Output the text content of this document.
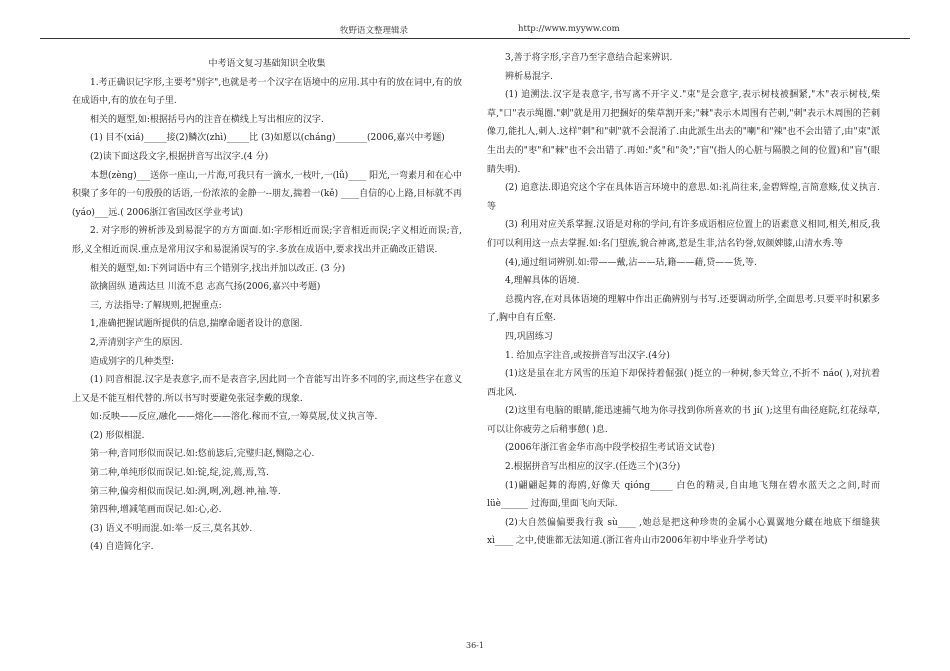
牧野语文整理辑录	http://www.myyww.com

中考语文复习基础知识全收集

1.考正确识记字形,主要考"别字",也就是考一个汉字在语境中的应用.其中有的放在词中,有的放在成语中,有的放在句子里.

相关的题型,如:根据括号内的注音在横线上写出相应的汉字.

(1) 目不(xiá)_____接(2)鳞次(zhì)_____比 (3)如愿以(cháng)_______(2006,嘉兴中考题)

(2)读下面这段文字,根据拼音写出汉字.(4 分)

本想(zèng)___送你一座山,一片海,可我只有一滴水,一枝叶,一(lǚ)____ 阳光,一弯素月和在心中积聚了多年的一句殷殷的话语,一份浓浓的金静一--朋友,揣着一(kě) ____自信的心上路,目标就不再(yáo)___远.( 2006浙江省国改区学业考试)

2. 对字形的辨析涉及到易混字的方方面面.如:字形相近而误;字音相近而误;字义相近而误;音,形,义全相近而误.重点是常用汉字和易混淆误写的字.多放在成语中,要求找出并正确改正错误.

相关的题型,如:下列词语中有三个错别字,找出并加以改正. (3 分)

欲擒固纵 遒茜达旦 川流不息 志高气扬(2006,嘉兴中考题)

三, 方法指导:了解规则,把握重点:

1,准确把握试题所提供的信息,揣摩命题者设计的意图.

2,弄清别字产生的原因.

造成别字的几种类型:

(1) 同音相混.汉字是表意字,而不是表音字,因此同一个音能写出许多不同的字,而这些字在意义上又是不能互相代替的.所以书写时要避免张冠李戴的现象.

如:反映——反应,融化——熔化——溶化.稼而不宣,一筹莫展,仗义执言等.

(2) 形似相混.

第一种,音同形似而误记.如:悠前毖后,完璧归赵,恻隐之心.

第二种,单纯形似而误记.如:锭,绽,淀,蔫,焉,笃.

第三种,偏旁相似而误记.如:洌,咧,冽,趔.神,袖.等.

第四种,增减笔画而误记.如:心,必.

(3) 语义不明而混.如:举一反三,莫名其妙.

(4) 自造简化字.

3,善于将字形,字音乃至字意结合起来辨识.

辨析易混字.

(1) 追溯法.汉字是表意字,书写离不开字义."束"是会意字,表示树枝被捆紧,"木"表示树枝,柴草,"口"表示绳圈."剌"就是用刀把捆好的柴草割开来;"棘"表示木周围有芒刺,"刺"表示木周围的芒刺像刀,能扎人,刺人.这样"剌"和"刺"就不会混淆了.由此派生出去的"喇"和"辣"也不会出错了,由"束"派生出去的"枣"和"棘"也不会出错了.再如:"炙"和"灸";"盲"(指人的心脏与隔膜之间的位置)和"盲"(眼睛失明).

(2) 追意法.即追究这个字在具体语言环境中的意思.如:礼尚往来,金碧辉煌,言简意赅,仗义执言.等

(3) 利用对应关系掌握.汉语是对称的学问,有许多成语相应位置上的语素意义相同,相关,相反,我们可以利用这一点去掌握.如:名门望族,貌合神离,惹是生非,沽名钓誉,奴颜婢膝,山清水秀.等

(4),通过组词辨别.如:带——戴,沾——玷,籍——藉,贷——货,等.

4,理解具体的语境.

总揽内容,在对具体语境的理解中作出正确辨别与书写.还要调动所学,全面思考.只要平时积累多了,胸中自有丘壑.

四,巩固练习

1. 给加点字注音,或按拼音写出汉字.(4分)

(1)这是虽在北方风雪的压迫下却保持着倔强( )挺立的一种树,参天耸立,不折不 náo( ),对抗着西北风.

(2)这里有电脑的眼睛,能迅速捕气地为你寻找到你所喜欢的书 jí( );这里有曲径庭院,红花绿草,可以让你疲劳之后稍事憩( )息.

(2006年浙江省金华市高中段学校招生考试语文试卷)

2.根据拼音写出相应的汉字.(任选三个)(3分)

(1)翩翩起舞的海鸥,好像天 qióng_____ 白色的精灵,自由地飞翔在碧水蓝天之之间,时而 lüè______ 过海面,里面飞向天际.

(2)大自然偏偏要我行我 sù____ ,她总是把这种珍贵的金属小心翼翼地分藏在地底下细缝狭 xì____ 之中,使谁都无法知道.(浙江省舟山市2006年初中毕业升学考试)

36-1
